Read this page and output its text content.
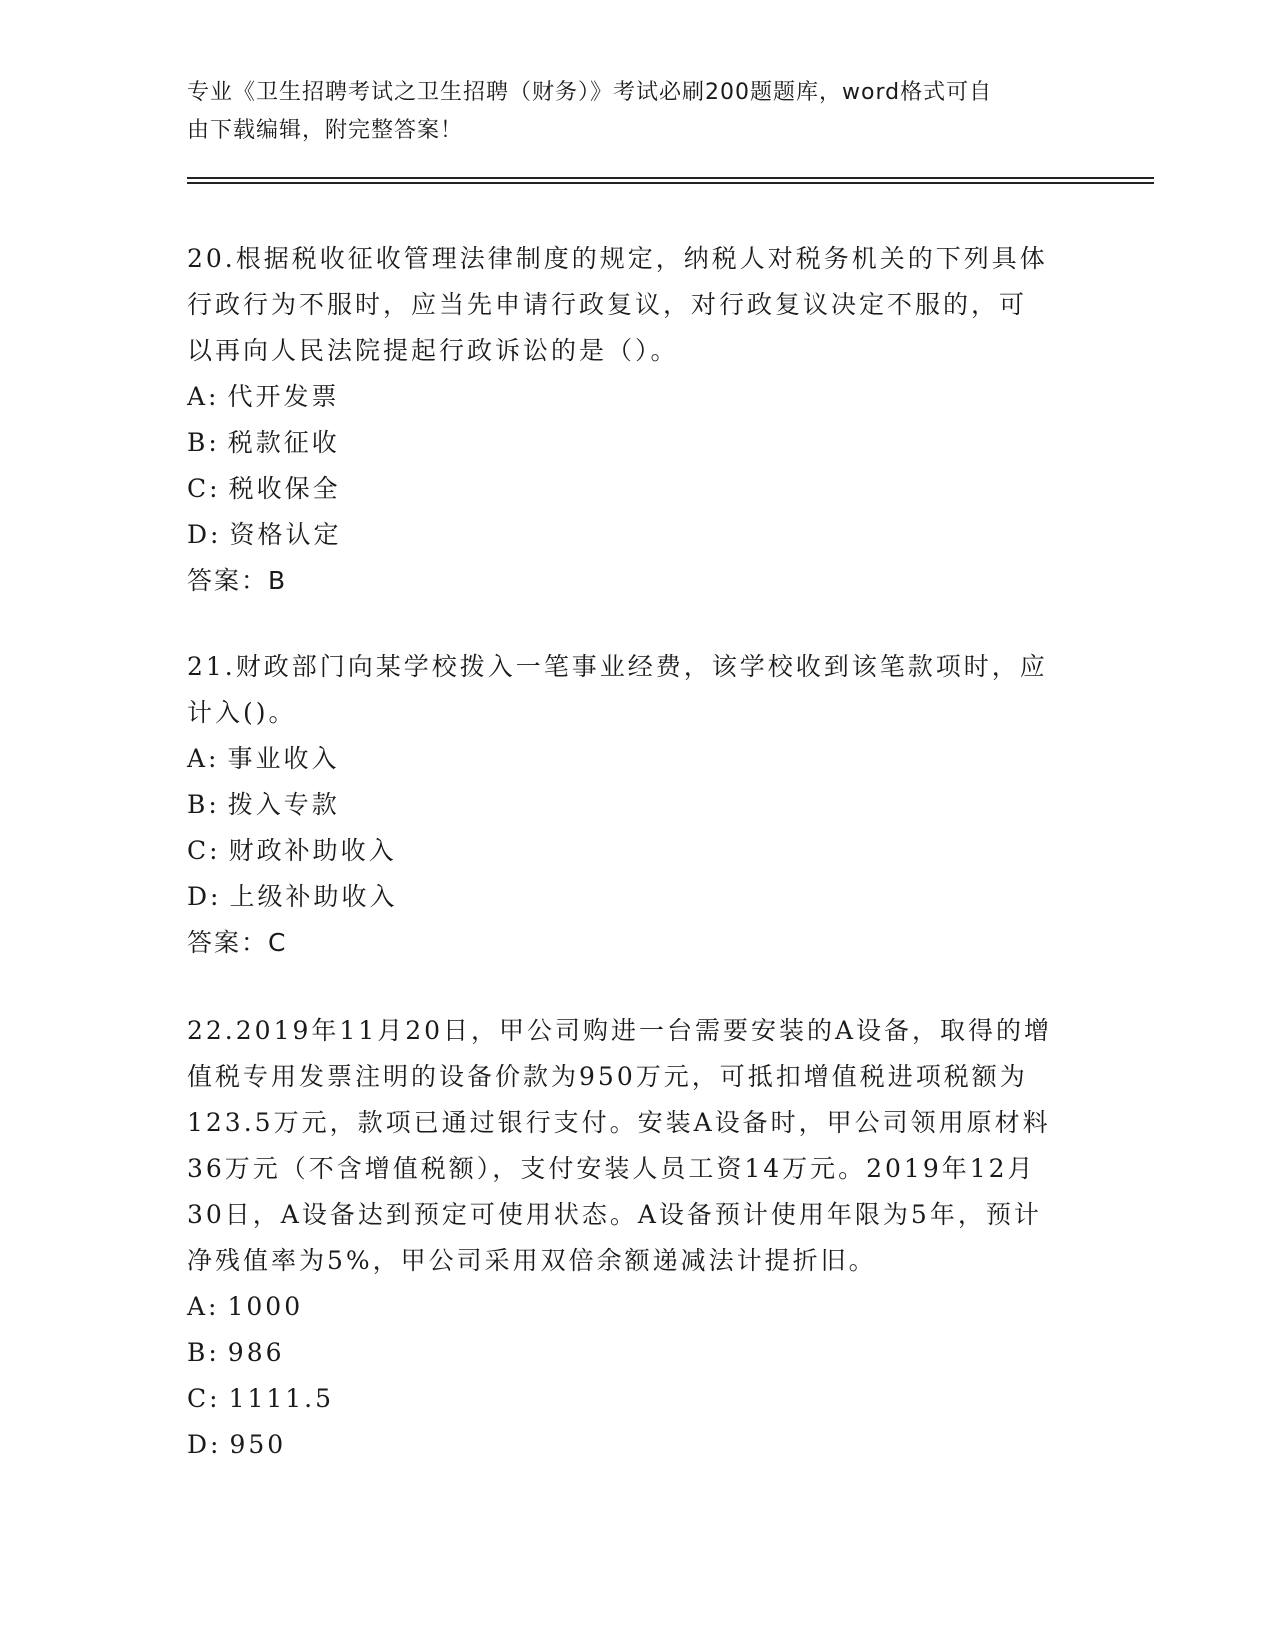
专业《卫生招聘考试之卫生招聘（财务）》考试必刷200题题库，word格式可自
由下载编辑，附完整答案！

20.根据税收征收管理法律制度的规定，纳税人对税务机关的下列具体

行政行为不服时，应当先申请行政复议，对行政复议决定不服的，可

以再向人民法院提起行政诉讼的是（）。

A: 代开发票

B: 税款征收

C: 税收保全

D: 资格认定

答案：B

21.财政部门向某学校拨入一笔事业经费，该学校收到该笔款项时，应

计入()。

A: 事业收入

B: 拨入专款

C: 财政补助收入

D: 上级补助收入

答案：C

22.2019年11月20日，甲公司购进一台需要安装的A设备，取得的增

值税专用发票注明的设备价款为950万元，可抵扣增值税进项税额为

123.5万元，款项已通过银行支付。安装A设备时，甲公司领用原材料

36万元（不含增值税额），支付安装人员工资14万元。2019年12月

30日，A设备达到预定可使用状态。A设备预计使用年限为5年，预计

净残值率为5%，甲公司采用双倍余额递减法计提折旧。

A: 1000

B: 986

C: 1111.5

D: 950
